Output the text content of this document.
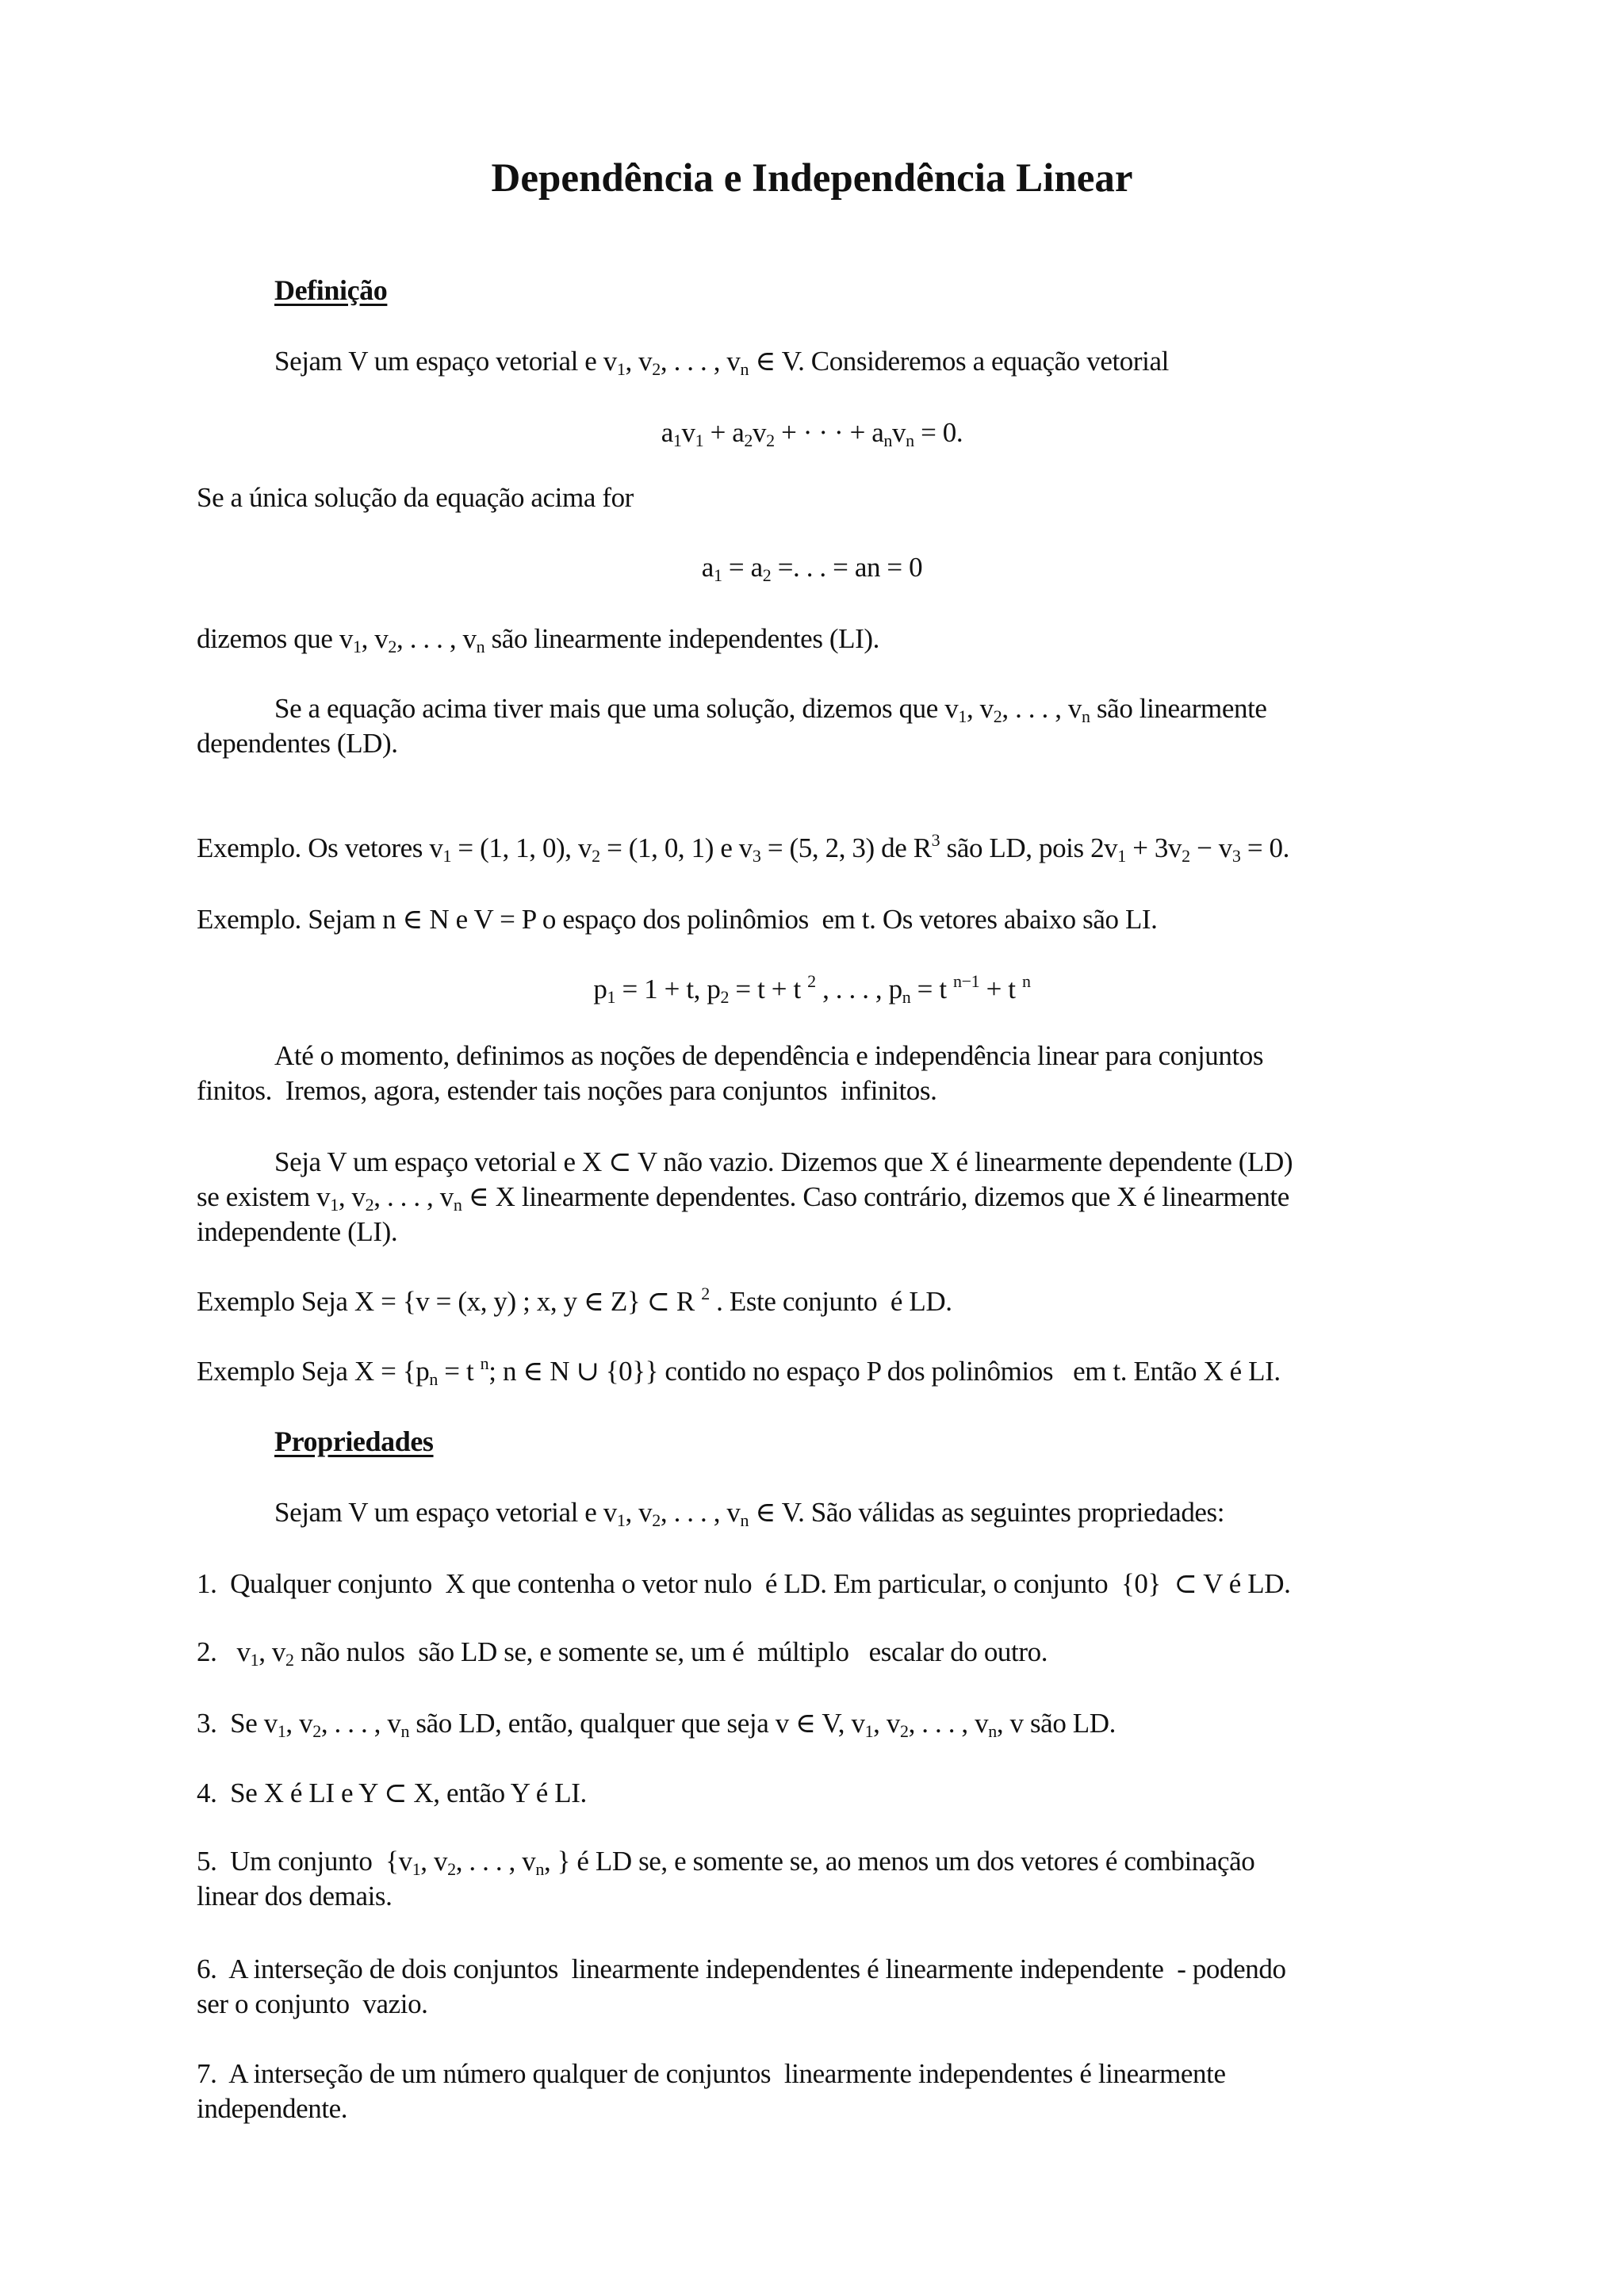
Dependência e Independência Linear
Definição
Sejam V um espaço vetorial e $v_1$, $v_2$, . . . , $v_n$ ∈ V. Consideremos a equação vetorial
$a_1v_1 + a_2v_2$ + · · · + $a_nv_n = 0$.
Se a única solução da equação acima for
$a_1 = a_2$ =. . . = an = 0
dizemos que $v_1$, $v_2$, . . . , $v_n$ são linearmente independentes (LI).
Se a equação acima tiver mais que uma solução, dizemos que $v_1$, $v_2$, . . . , $v_n$ são linearmente
dependentes (LD).
Exemplo. Os vetores $v_1 = (1$, 1, 0), $v_2 = (1$, 0, 1) e $v_3 = (5$, 2, 3) de $R^3$ são LD, pois $2v_1 + 3v_2 - v_3 = 0$.
Exemplo. Sejam n ∈ N e V = P o espaço dos polinômios  em t. Os vetores abaixo são LI.
$p_1 = 1 + t$, $p_2 = t + t$ $^2$ , . . . , $p_n = t$ $^{n-1}$ + t $^n$
Até o momento, definimos as noções de dependência e independência linear para conjuntos
finitos.  Iremos, agora, estender tais noções para conjuntos  infinitos.
Seja V um espaço vetorial e X ⊂ V não vazio. Dizemos que X é linearmente dependente (LD)
se existem $v_1$, $v_2$, . . . , $v_n$ ∈ X linearmente dependentes. Caso contrário, dizemos que X é linearmente
independente (LI).
Exemplo Seja X = {v = (x, y) ; x, y ∈ Z} ⊂ R $^2$ . Este conjunto  é LD.
Exemplo Seja $X = \{p_n = t$ $^n$; n ∈ N ∪ {0}} contido no espaço P dos polinômios   em t. Então X é LI.
Propriedades
Sejam V um espaço vetorial e $v_1$, $v_2$, . . . , $v_n$ ∈ V. São válidas as seguintes propriedades:
1.  Qualquer conjunto  X que contenha o vetor nulo  é LD. Em particular, o conjunto  {0}  ⊂ V é LD.
2.   $v_1$, $v_2$ não nulos  são LD se, e somente se, um é  múltiplo   escalar do outro.
3.  Se $v_1$, $v_2$, . . . , $v_n$ são LD, então, qualquer que seja v ∈ V, $v_1$, $v_2$, . . . , $v_n$, v são LD.
4.  Se X é LI e Y ⊂ X, então Y é LI.
5.  Um conjunto  {$v_1$, $v_2$, . . . , $v_n$, } é LD se, e somente se, ao menos um dos vetores é combinação
linear dos demais.
6.  A interseção de dois conjuntos  linearmente independentes é linearmente independente  - podendo
ser o conjunto  vazio.
7.  A interseção de um número qualquer de conjuntos  linearmente independentes é linearmente
independente.
